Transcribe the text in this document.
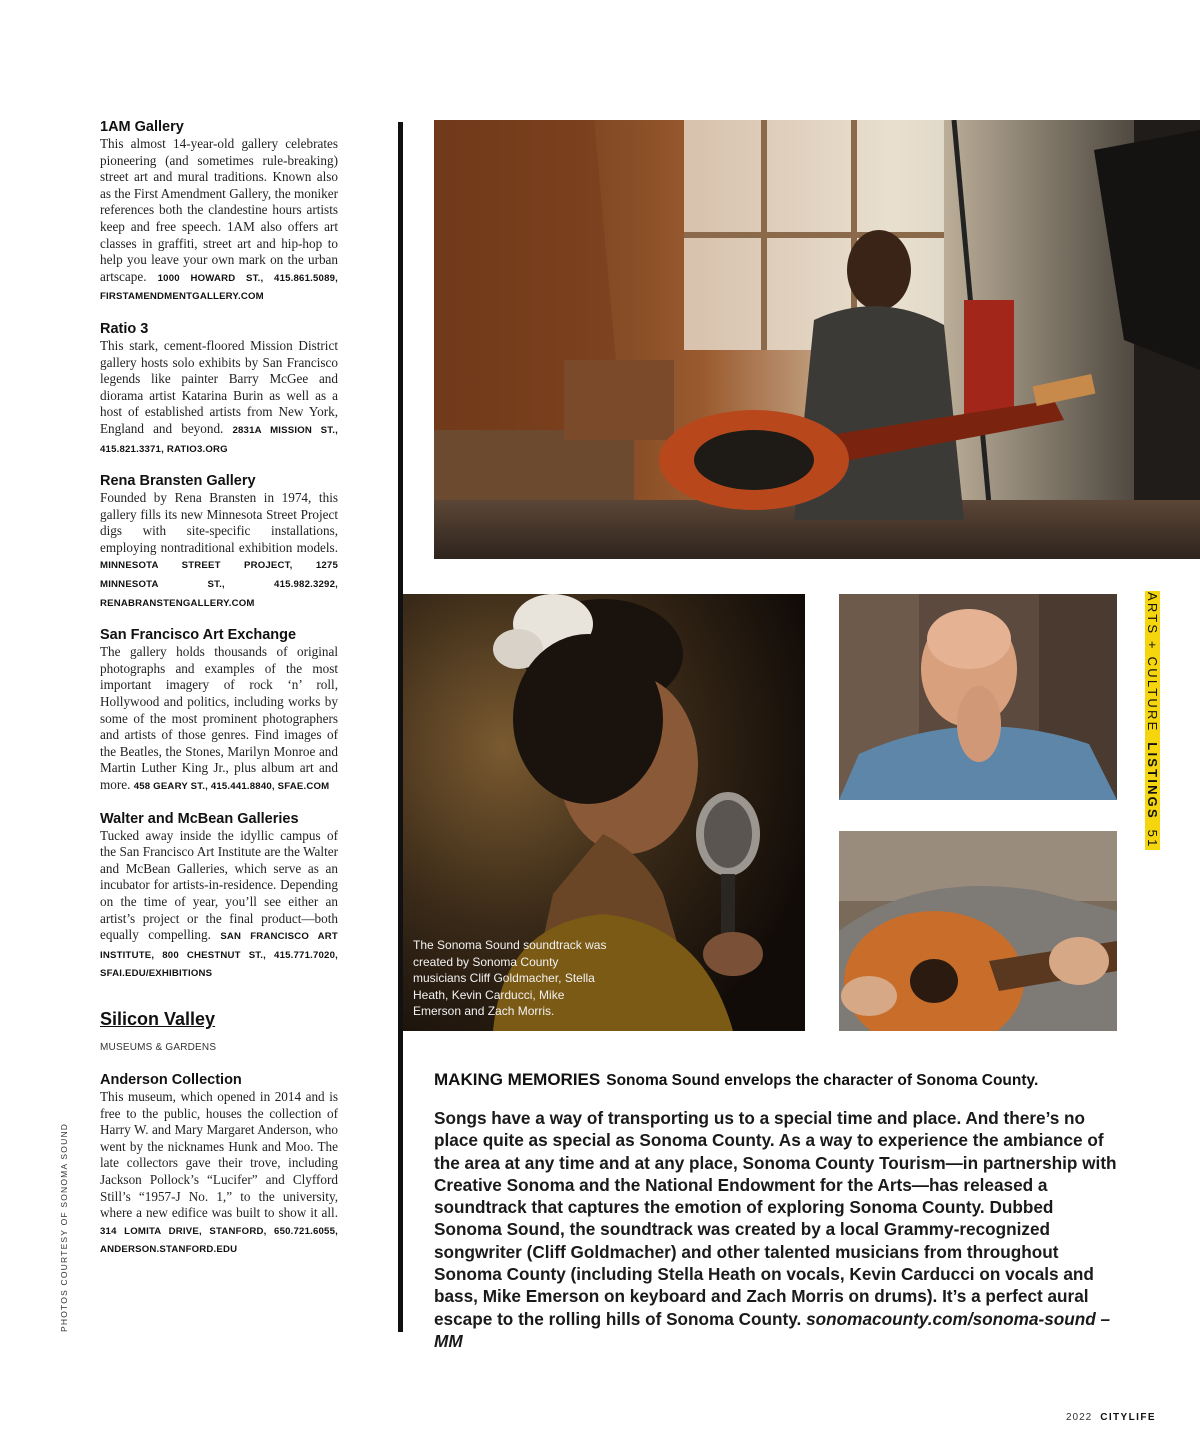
1AM Gallery

This almost 14-year-old gallery celebrates pioneering (and sometimes rule-breaking) street art and mural traditions. Known also as the First Amendment Gallery, the moniker references both the clandestine hours artists keep and free speech. 1AM also offers art classes in graffiti, street art and hip-hop to help you leave your own mark on the urban artscape. 1000 HOWARD ST., 415.861.5089, FIRSTAMENDMENTGALLERY.COM

Ratio 3

This stark, cement-floored Mission District gallery hosts solo exhibits by San Francisco legends like painter Barry McGee and diorama artist Katarina Burin as well as a host of established artists from New York, England and beyond. 2831A MISSION ST., 415.821.3371, RATIO3.ORG

Rena Bransten Gallery

Founded by Rena Bransten in 1974, this gallery fills its new Minnesota Street Project digs with site-specific installations, employing nontraditional exhibition models. MINNESOTA STREET PROJECT, 1275 MINNESOTA ST., 415.982.3292, RENABRANSTENGALLERY.COM

San Francisco Art Exchange

The gallery holds thousands of original photographs and examples of the most important imagery of rock ‘n’ roll, Hollywood and politics, including works by some of the most prominent photographers and artists of those genres. Find images of the Beatles, the Stones, Marilyn Monroe and Martin Luther King Jr., plus album art and more. 458 GEARY ST., 415.441.8840, SFAE.COM

Walter and McBean Galleries

Tucked away inside the idyllic campus of the San Francisco Art Institute are the Walter and McBean Galleries, which serve as an incubator for artists-in-residence. Depending on the time of year, you’ll see either an artist’s project or the final product—both equally compelling. SAN FRANCISCO ART INSTITUTE, 800 CHESTNUT ST., 415.771.7020, SFAI.EDU/EXHIBITIONS

Silicon Valley
MUSEUMS & GARDENS

Anderson Collection

This museum, which opened in 2014 and is free to the public, houses the collection of Harry W. and Mary Margaret Anderson, who went by the nicknames Hunk and Moo. The late collectors gave their trove, including Jackson Pollock’s “Lucifer” and Clyfford Still’s “1957-J No. 1,” to the university, where a new edifice was built to show it all. 314 LOMITA DRIVE, STANFORD, 650.721.6055, ANDERSON.STANFORD.EDU

PHOTOS COURTESY OF SONOMA SOUND
The Sonoma Sound soundtrack was created by Sonoma County musicians Cliff Goldmacher, Stella Heath, Kevin Carducci, Mike Emerson and Zach Morris.
ARTS + CULTURE LISTINGS 51
MAKING MEMORIES Sonoma Sound envelops the character of Sonoma County.

Songs have a way of transporting us to a special time and place. And there’s no place quite as special as Sonoma County. As a way to experience the ambiance of the area at any time and at any place, Sonoma County Tourism—in partnership with Creative Sonoma and the National Endowment for the Arts—has released a soundtrack that captures the emotion of exploring Sonoma County. Dubbed Sonoma Sound, the soundtrack was created by a local Grammy-recognized songwriter (Cliff Goldmacher) and other talented musicians from throughout Sonoma County (including Stella Heath on vocals, Kevin Carducci on vocals and bass, Mike Emerson on keyboard and Zach Morris on drums). It’s a perfect aural escape to the rolling hills of Sonoma County. sonomacounty.com/sonoma-sound –MM

2022 CITYLIFE
